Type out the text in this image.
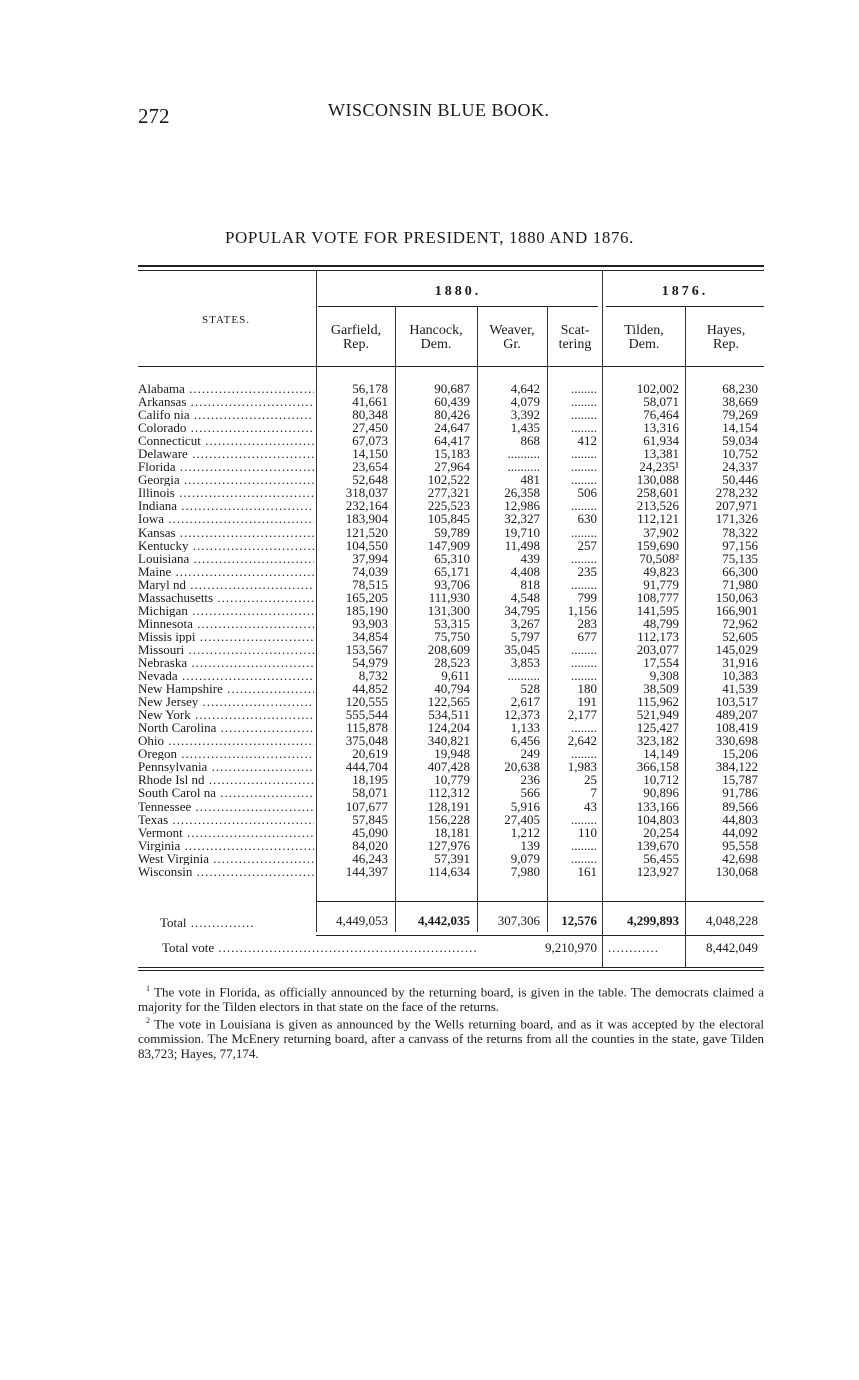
272	WISCONSIN BLUE BOOK.
POPULAR VOTE FOR PRESIDENT, 1880 AND 1876.
STATES.
1880.	1876.
Garfield,
Rep.
Hancock,
Dem.
Weaver,
Gr.
Scat-
tering
Tilden,
Dem.
Hayes,
Rep.
Alabama .....	56,178	90,687	4,642 ........	102,002	68,230
Arkansas .....	41,661	60,439	4,079 ........	58,071	38,669
Califo nia .....	80,348	80,426	3,392 ........	76,464	79,269
Colorado .....	27,450	24,647	1,435 ........	13,316	14,154
Connecticut .....	67,073	64,417	868	412	61,934	59,034
Delaware .....	14,150	15,183	.......... ........	13,381	10,752
Florida .....	23,654	27,964	.......... ........	24,235¹	24,337
Georgia .....	52,648	102,522	481 ........	130,088	50,446
Illinois .....	318,037	277,321	26,358	506	258,601	278,232
Indiana .....	232,164	225,523	12,986 ........	213,526	207,971
Iowa .....	183,904	105,845	32,327	630	112,121	171,326
Kansas .....	121,520	59,789	19,710 ........	37,902	78,322
Kentucky .....	104,550	147,909	11,498	257	159,690	97,156
Louisiana .....	37,994	65,310	439 ........	70,508²	75,135
Maine .....	74,039	65,171	4,408	235	49,823	66,300
Maryl nd .....	78,515	93,706	818 ........	91,779	71,980
Massachusetts .....	165,205	111,930	4,548	799	108,777	150,063
Michigan .....	185,190	131,300	34,795 1,156	141,595	166,901
Minnesota .....	93,903	53,315	3,267	283	48,799	72,962
Missis ippi .....	34,854	75,750	5,797	677	112,173	52,605
Missouri .....	153,567	208,609	35,045 ........	203,077	145,029
Nebraska .....	54,979	28,523	3,853 ........	17,554	31,916
Nevada .....	8,732	9,611	.......... ........	9,308	10,383
New Hampshire .....	44,852	40,794	528	180	38,509	41,539
New Jersey .....	120,555	122,565	2,617	191	115,962	103,517
New York .....	555,544	534,511	12,373 2,177	521,949	489,207
North Carolina .....	115,878	124,204	1,133 ........	125,427	108,419
Ohio .....	375,048	340,821	6,456 2,642	323,182	330,698
Oregon .....	20,619	19,948	249 ........	14,149	15,206
Pennsylvania .....	444,704	407,428	20,638 1,983	366,158	384,122
Rhode Isl nd .....	18,195	10,779	236	25	10,712	15,787
South Carol na .....	58,071	112,312	566	7	90,896	91,786
Tennessee .....	107,677	128,191	5,916	43	133,166	89,566
Texas .....	57,845	156,228	27,405 ........	104,803	44,803
Vermont .....	45,090	18,181	1,212	110	20,254	44,092
Virginia .....	84,020	127,976	139 ........	139,670	95,558
West Virginia .....	46,243	57,391	9,079 ........	56,455	42,698
Wisconsin .....	144,397	114,634	7,980	161	123,927	130,068
Total ...............	4,449,053 4,442,035 307,306 12,576 4,299,893 4,048,228
Total vote .............................................................	9,210,970 ............	8,442,049

$^1$ The vote in Florida, as officially announced by the returning board, is given in the table. The democrats claimed a majority for the Tilden electors in that state on the face of the returns.

$^2$ The vote in Louisiana is given as announced by the Wells returning board, and as it was accepted by the electoral commission. The McEnery returning board, after a canvass of the returns from all the counties in the state, gave Tilden 83,723; Hayes, 77,174.
